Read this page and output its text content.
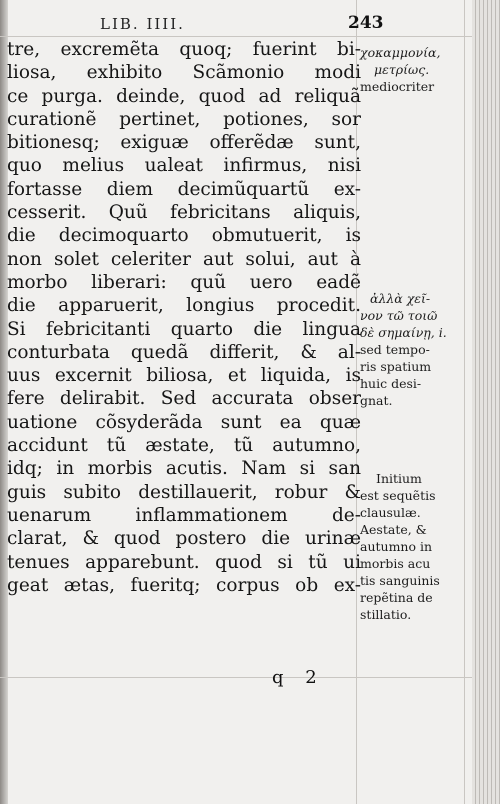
LIB. IIII.	243
tre, excremẽta quoq; fuerint bi-
liosa, exhibito Scãmonio modi
ce purga. deinde, quod ad reliquã
curationẽ pertinet, potiones, sor
bitionesq; exiguæ offerẽdæ sunt,
quo melius ualeat infirmus, nisi
fortasse diem decimũquartũ ex-
cesserit. Quũ febricitans aliquis,
die decimoquarto obmutuerit, is
non solet celeriter aut solui, aut à
morbo liberari: quũ uero eadẽ
die apparuerit, longius procedit.
Si febricitanti quarto die lingua
conturbata quedã differit, & al-
uus excernit biliosa, et liquida, is
fere delirabit. Sed accurata obser
uatione cõsyderãda sunt ea quæ
accidunt tũ æstate, tũ autumno,
idq; in morbis acutis. Nam si san
guis subito destillauerit, robur &
uenarum inflammationem de-
clarat, & quod postero die urinæ
tenues apparebunt. quod si tũ ui
geat ætas, fueritq; corpus ob ex-
χοκαμμονία,
μετρίως.
mediocriter
ἀλλὰ χεῖ-
νον τῶ τοιῶ
δὲ σημαίνῃ, i.
sed tempo-
ris spatium
huic desi-
gnat.
Initium
est sequẽtis
clausulæ.
Aestate, &
autumno in
morbis acu
tis sanguinis
repẽtina de
stillatio.
q 2
